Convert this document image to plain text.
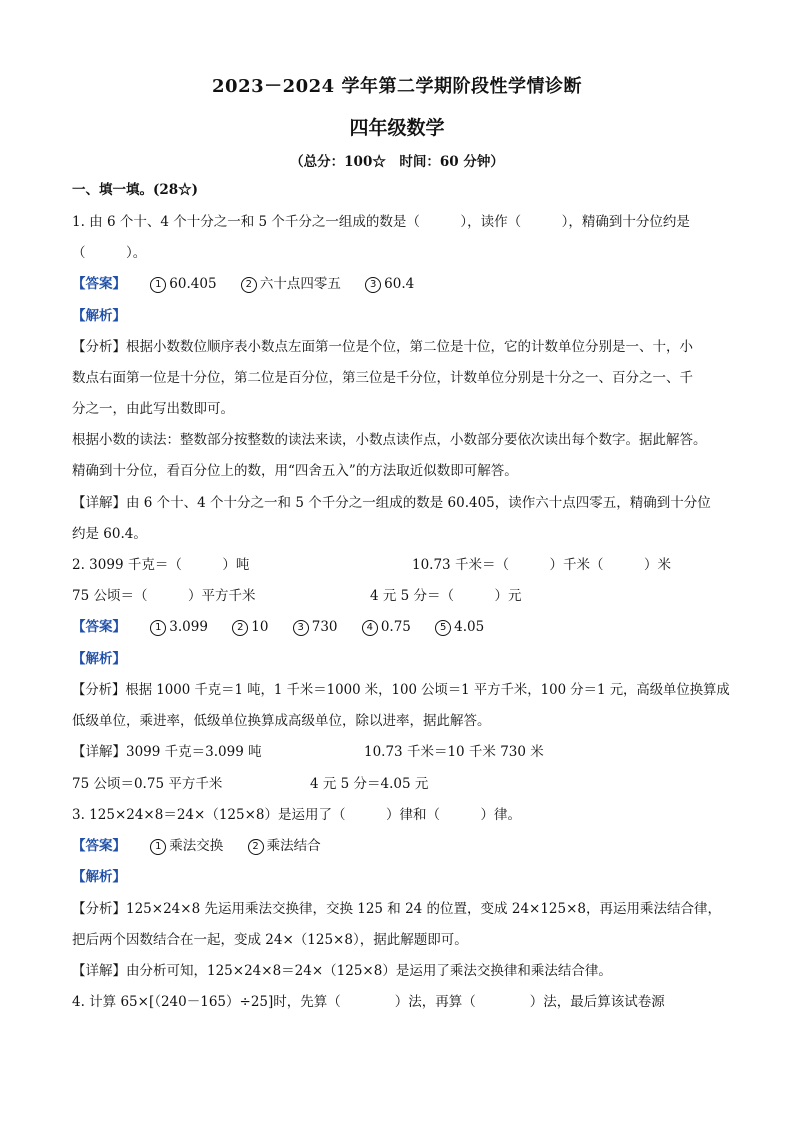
2023－2024 学年第二学期阶段性学情诊断
四年级数学
（总分：100☆　时间：60 分钟）
一、填一填。(28☆)
1. 由 6 个十、4 个十分之一和 5 个千分之一组成的数是（　　　），读作（　　　），精确到十分位约是
（　　　）。
【答案】	1 60.405	2 六十点四零五	3 60.4
【解析】
【分析】根据小数数位顺序表小数点左面第一位是个位，第二位是十位，它的计数单位分别是一、十，小
数点右面第一位是十分位，第二位是百分位，第三位是千分位，计数单位分别是十分之一、百分之一、千
分之一，由此写出数即可。
根据小数的读法：整数部分按整数的读法来读，小数点读作点，小数部分要依次读出每个数字。据此解答。
精确到十分位，看百分位上的数，用“四舍五入”的方法取近似数即可解答。
【详解】由 6 个十、4 个十分之一和 5 个千分之一组成的数是 60.405，读作六十点四零五，精确到十分位
约是 60.4。
2. 3099 千克＝（　　　）吨	10.73 千米＝（　　　）千米（　　　）米
75 公顷＝（　　　）平方千米	4 元 5 分＝（　　　）元
【答案】	1 3.099	2 10	3 730	4 0.75	5 4.05
【解析】
【分析】根据 1000 千克＝1 吨，1 千米＝1000 米，100 公顷＝1 平方千米，100 分＝1 元，高级单位换算成
低级单位，乘进率，低级单位换算成高级单位，除以进率，据此解答。
【详解】3099 千克＝3.099 吨	10.73 千米＝10 千米 730 米
75 公顷＝0.75 平方千米	4 元 5 分＝4.05 元
3. 125×24×8＝24×（125×8）是运用了（　　　）律和（　　　）律。
【答案】	1 乘法交换	2 乘法结合
【解析】
【分析】125×24×8 先运用乘法交换律，交换 125 和 24 的位置，变成 24×125×8，再运用乘法结合律，
把后两个因数结合在一起，变成 24×（125×8），据此解题即可。
【详解】由分析可知，125×24×8＝24×（125×8）是运用了乘法交换律和乘法结合律。
4. 计算 65×[（240－165）÷25]时，先算（　　　　）法，再算（　　　　）法，最后算该试卷源
